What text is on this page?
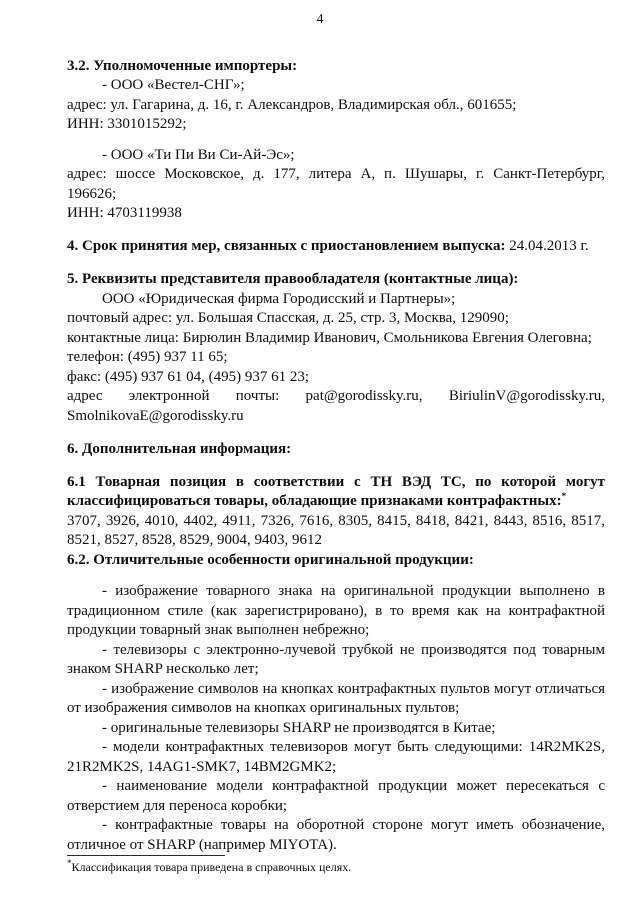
4

3.2. Уполномоченные импортеры:

- ООО «Вестел-СНГ»;

адрес: ул. Гагарина, д. 16, г. Александров, Владимирская обл., 601655;

ИНН: 3301015292;

- ООО «Ти Пи Ви Си-Ай-Эс»;

адрес: шоссе Московское, д. 177, литера А, п. Шушары, г. Санкт-Петербург, 196626;

ИНН: 4703119938

4. Срок принятия мер, связанных с приостановлением выпуска: 24.04.2013 г.

5. Реквизиты представителя правообладателя (контактные лица):

ООО «Юридическая фирма Городисский и Партнеры»;

почтовый адрес: ул. Большая Спасская, д. 25, стр. 3, Москва, 129090;

контактные лица: Бирюлин Владимир Иванович, Смольникова Евгения Олеговна;

телефон: (495) 937 11 65;

факс: (495) 937 61 04, (495) 937 61 23;

адрес электронной почты: pat@gorodissky.ru, BiriulinV@gorodissky.ru, SmolnikovaE@gorodissky.ru

6. Дополнительная информация:

6.1 Товарная позиция в соответствии с ТН ВЭД ТС, по которой могут классифицироваться товары, обладающие признаками контрафактных:*

3707, 3926, 4010, 4402, 4911, 7326, 7616, 8305, 8415, 8418, 8421, 8443, 8516, 8517, 8521, 8527, 8528, 8529, 9004, 9403, 9612

6.2. Отличительные особенности оригинальной продукции:

- изображение товарного знака на оригинальной продукции выполнено в традиционном стиле (как зарегистрировано), в то время как на контрафактной продукции товарный знак выполнен небрежно;

- телевизоры с электронно-лучевой трубкой не производятся под товарным знаком SHARP несколько лет;

- изображение символов на кнопках контрафактных пультов могут отличаться от изображения символов на кнопках оригинальных пультов;

- оригинальные телевизоры SHARP не производятся в Китае;

- модели контрафактных телевизоров могут быть следующими: 14R2MK2S, 21R2MK2S, 14AG1-SMK7, 14BM2GMK2;

- наименование модели контрафактной продукции может пересекаться с отверстием для переноса коробки;

- контрафактные товары на оборотной стороне могут иметь обозначение, отличное от SHARP (например MIYOTA).

*Классификация товара приведена в справочных целях.
